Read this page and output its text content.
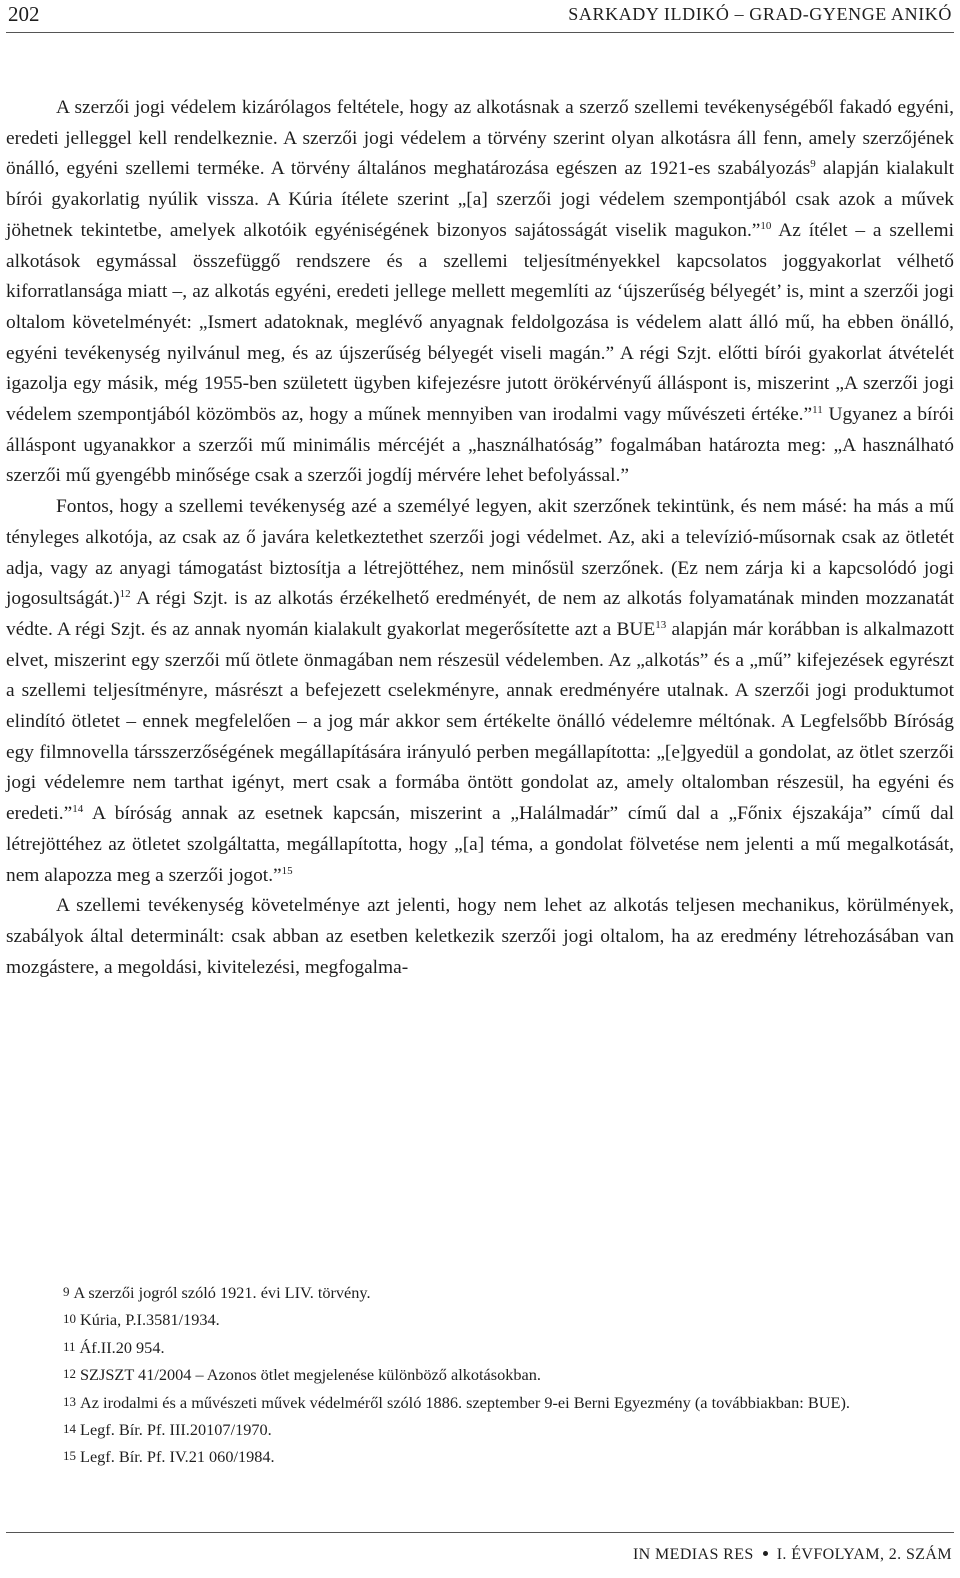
202	SARKADY ILDIKÓ – GRAD-GYENGE ANIKÓ

A szerzői jogi védelem kizárólagos feltétele, hogy az alkotásnak a szerző szellemi tevékenységéből fakadó egyéni, eredeti jelleggel kell rendelkeznie. A szerzői jogi védelem a törvény szerint olyan alkotásra áll fenn, amely szerzőjének önálló, egyéni szellemi terméke. A törvény általános meghatározása egészen az 1921-es szabályozás$^9$ alapján kialakult bírói gyakorlatig nyúlik vissza. A Kúria ítélete szerint „[a] szerzői jogi védelem szempontjából csak azok a művek jöhetnek tekintetbe, amelyek alkotóik egyéniségének bizonyos sajátosságát viselik magukon.”$^{10}$ Az ítélet – a szellemi alkotások egymással összefüggő rendszere és a szellemi teljesítményekkel kapcsolatos joggyakorlat vélhető kiforratlansága miatt –, az alkotás egyéni, eredeti jellege mellett megemlíti az ‘újszerűség bélyegét’ is, mint a szerzői jogi oltalom követelményét: „Ismert adatoknak, meglévő anyagnak feldolgozása is védelem alatt álló mű, ha ebben önálló, egyéni tevékenység nyilvánul meg, és az újszerűség bélyegét viseli magán.” A régi Szjt. előtti bírói gyakorlat átvételét igazolja egy másik, még 1955-ben született ügyben kifejezésre jutott örökérvényű álláspont is, miszerint „A szerzői jogi védelem szempontjából közömbös az, hogy a műnek mennyiben van irodalmi vagy művészeti értéke.”$^{11}$ Ugyanez a bírói álláspont ugyanakkor a szerzői mű minimális mércéjét a „használhatóság” fogalmában határozta meg: „A használható szerzői mű gyengébb minősége csak a szerzői jogdíj mérvére lehet befolyással.”

Fontos, hogy a szellemi tevékenység azé a személyé legyen, akit szerzőnek tekintünk, és nem másé: ha más a mű tényleges alkotója, az csak az ő javára keletkeztethet szerzői jogi védelmet. Az, aki a televízió-műsornak csak az ötletét adja, vagy az anyagi támogatást biztosítja a létrejöttéhez, nem minősül szerzőnek. (Ez nem zárja ki a kapcsolódó jogi jogosultságát.)$^{12}$ A régi Szjt. is az alkotás érzékelhető eredményét, de nem az alkotás folyamatának minden mozzanatát védte. A régi Szjt. és az annak nyomán kialakult gyakorlat megerősítette azt a BUE$^{13}$ alapján már korábban is alkalmazott elvet, miszerint egy szerzői mű ötlete önmagában nem részesül védelemben. Az „alkotás” és a „mű” kifejezések egyrészt a szellemi teljesítményre, másrészt a befejezett cselekményre, annak eredményére utalnak. A szerzői jogi produktumot elindító ötletet – ennek megfelelően – a jog már akkor sem értékelte önálló védelemre méltónak. A Legfelsőbb Bíróság egy filmnovella társszerzőségének megállapítására irányuló perben megállapította: „[e]gyedül a gondolat, az ötlet szerzői jogi védelemre nem tarthat igényt, mert csak a formába öntött gondolat az, amely oltalomban részesül, ha egyéni és eredeti.”$^{14}$ A bíróság annak az esetnek kapcsán, miszerint a „Halálmadár” című dal a „Főnix éjszakája” című dal létrejöttéhez az ötletet szolgáltatta, megállapította, hogy „[a] téma, a gondolat fölvetése nem jelenti a mű megalkotását, nem alapozza meg a szerzői jogot.”$^{15}$

A szellemi tevékenység követelménye azt jelenti, hogy nem lehet az alkotás teljesen mechanikus, körülmények, szabályok által determinált: csak abban az esetben keletkezik szerzői jogi oltalom, ha az eredmény létrehozásában van mozgástere, a megoldási, kivitelezési, megfogalma-

9 A szerzői jogról szóló 1921. évi LIV. törvény.
10 Kúria, P.I.3581/1934.
11 Áf.II.20 954.
12 SZJSZT 41/2004 – Azonos ötlet megjelenése különböző alkotásokban.
13 Az irodalmi és a művészeti művek védelméről szóló 1886. szeptember 9-ei Berni Egyezmény (a továbbiakban: BUE).
14 Legf. Bír. Pf. III.20107/1970.
15 Legf. Bír. Pf. IV.21 060/1984.
IN MEDIAS RES I. ÉVFOLYAM, 2. SZÁM
